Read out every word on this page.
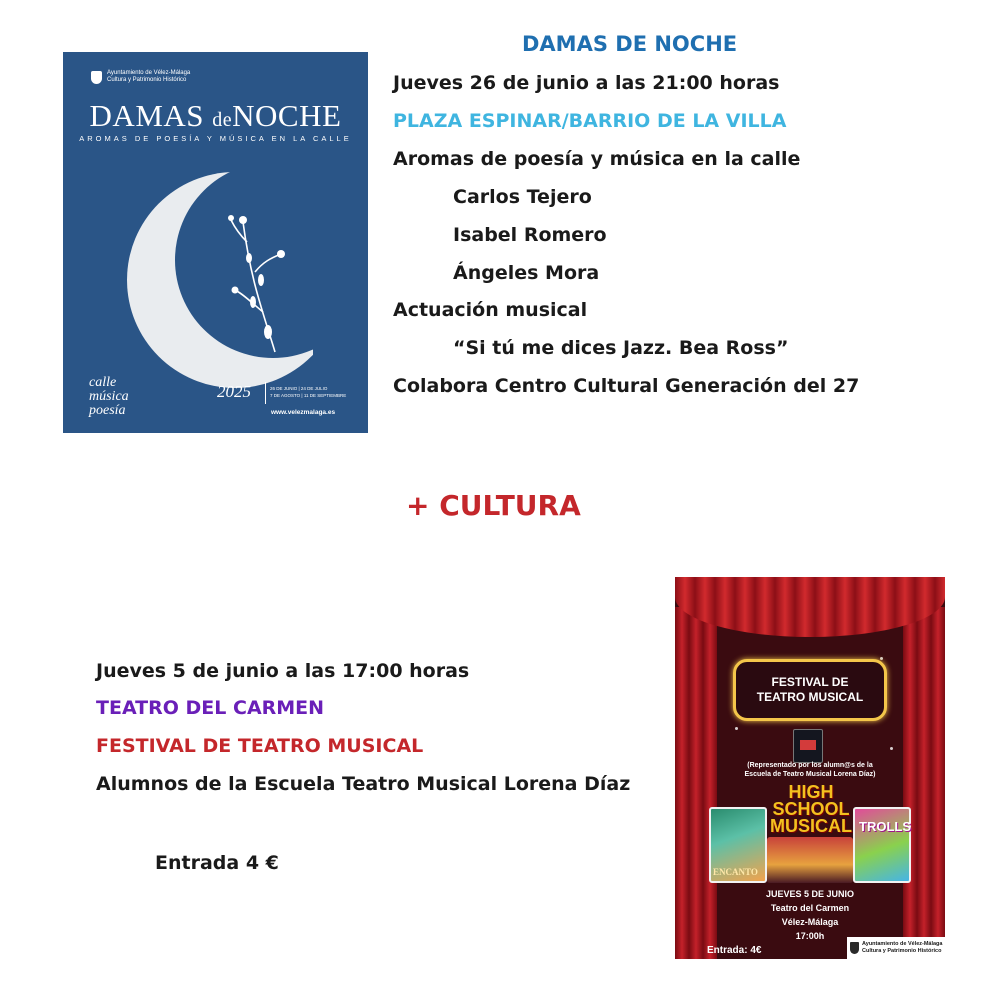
Ayuntamiento de Vélez-Málaga
Cultura y Patrimonio Histórico
DAMAS deNOCHE
AROMAS DE POESÍA Y MÚSICA EN LA CALLE
calle
música
poesía
2025	26 DE JUNIO | 24 DE JULIO
7 DE AGOSTO | 11 DE SEPTIEMBRE
www.velezmalaga.es
DAMAS DE NOCHE
Jueves 26 de junio a las 21:00 horas
PLAZA ESPINAR/BARRIO DE LA VILLA
Aromas de poesía y música en la calle
Carlos Tejero
Isabel Romero
Ángeles Mora
Actuación musical
“Si tú me dices Jazz. Bea Ross”
Colabora Centro Cultural Generación del 27
+ CULTURA
Jueves 5 de junio a las 17:00 horas
TEATRO DEL CARMEN
FESTIVAL DE TEATRO MUSICAL
Alumnos de la Escuela Teatro Musical Lorena Díaz
Entrada 4 €
FESTIVAL DE
TEATRO MUSICAL
(Representado por los alumn@s de la
Escuela de Teatro Musical Lorena Díaz)
ENCANTO
TROLLS
HIGH
SCHOOL
MUSICAL
JUEVES 5 DE JUNIO
Teatro del Carmen
Vélez-Málaga
17:00h
Entrada: 4€
Ayuntamiento de Vélez-Málaga
Cultura y Patrimonio Histórico
